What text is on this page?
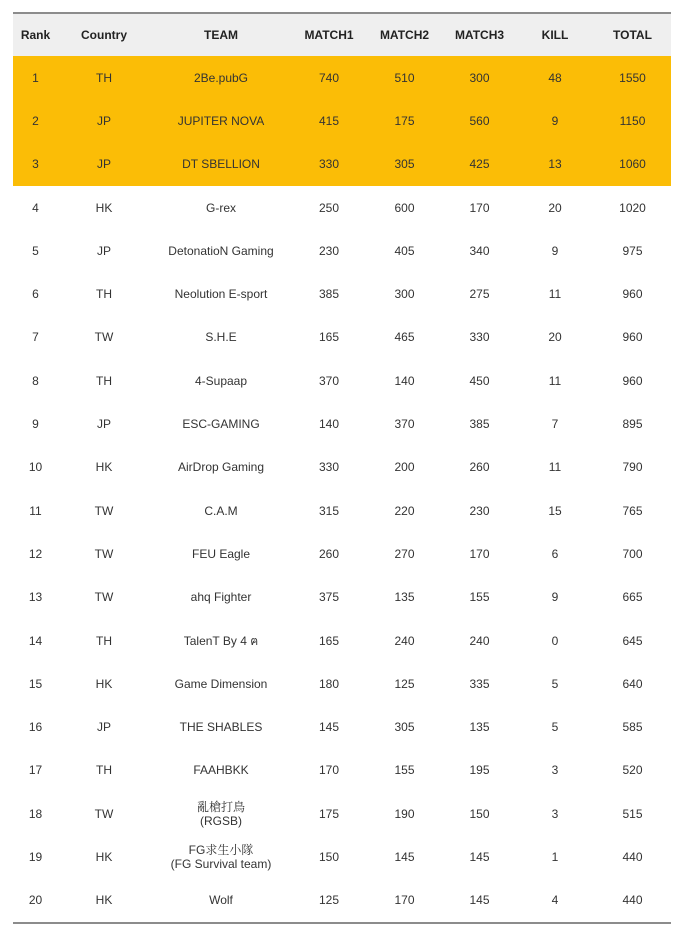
Rank	Country	TEAM	MATCH1	MATCH2	MATCH3	KILL	TOTAL
1	TH	2Be.pubG	740	510	300	48	1550
2	JP	JUPITER NOVA	415	175	560	9	1150
3	JP	DT SBELLION	330	305	425	13	1060
4	HK	G-rex	250	600	170	20	1020
5	JP	DetonatioN Gaming	230	405	340	9	975
6	TH	Neolution E-sport	385	300	275	11	960
7	TW	S.H.E	165	465	330	20	960
8	TH	4-Supaap	370	140	450	11	960
9	JP	ESC-GAMING	140	370	385	7	895
10	HK	AirDrop Gaming	330	200	260	11	790
11	TW	C.A.M	315	220	230	15	765
12	TW	FEU Eagle	260	270	170	6	700
13	TW	ahq Fighter	375	135	155	9	665
14	TH	TalenT By 4 ฅ	165	240	240	0	645
15	HK	Game Dimension	180	125	335	5	640
16	JP	THE SHABLES	145	305	135	5	585
17	TH	FAAHBKK	170	155	195	3	520
18	TW	亂槍打鳥
(RGSB)	175	190	150	3	515
19	HK	FG求生小隊
(FG Survival team)	150	145	145	1	440
20	HK	Wolf	125	170	145	4	440
